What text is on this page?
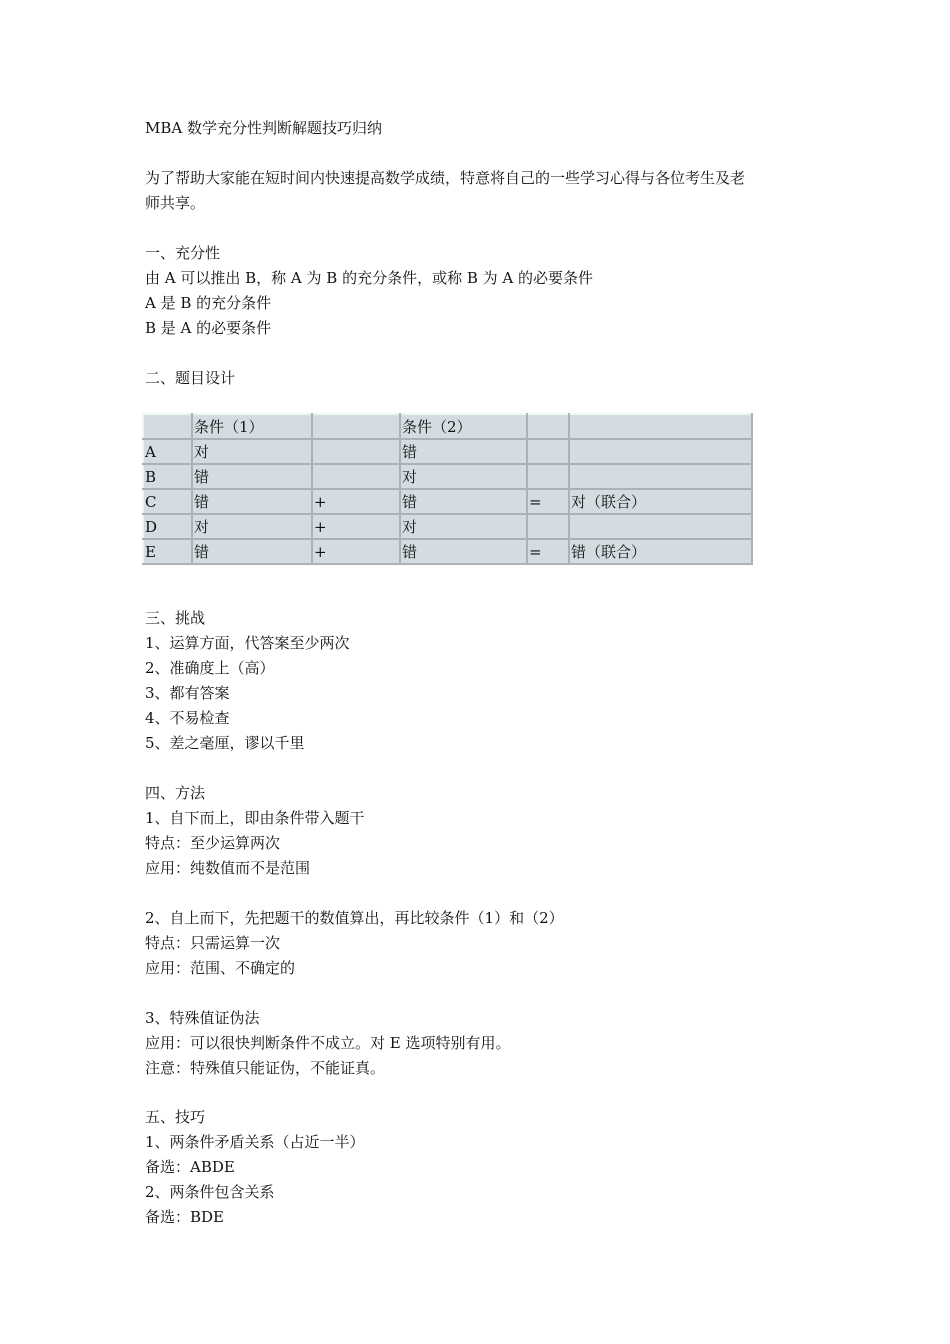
MBA 数学充分性判断解题技巧归纳
为了帮助大家能在短时间内快速提高数学成绩，特意将自己的一些学习心得与各位考生及老
师共享。
一、充分性
由 A 可以推出 B，称 A 为 B 的充分条件，或称 B 为 A 的必要条件
A 是 B 的充分条件
B 是 A 的必要条件
二、题目设计
三、挑战
1、运算方面，代答案至少两次
2、准确度上（高）
3、都有答案
4、不易检查
5、差之毫厘，谬以千里
四、方法
1、自下而上，即由条件带入题干
特点：至少运算两次
应用：纯数值而不是范围
2、自上而下，先把题干的数值算出，再比较条件（1）和（2）
特点：只需运算一次
应用：范围、不确定的
3、特殊值证伪法
应用：可以很快判断条件不成立。对 E 选项特别有用。
注意：特殊值只能证伪，不能证真。
五、技巧
1、两条件矛盾关系（占近一半）
备选：ABDE
2、两条件包含关系
备选：BDE
	条件（1）		条件（2）		
A	对		错		
B	错		对		
C	错	+	错	=	对（联合）
D	对	+	对		
E	错	+	错	=	错（联合）
